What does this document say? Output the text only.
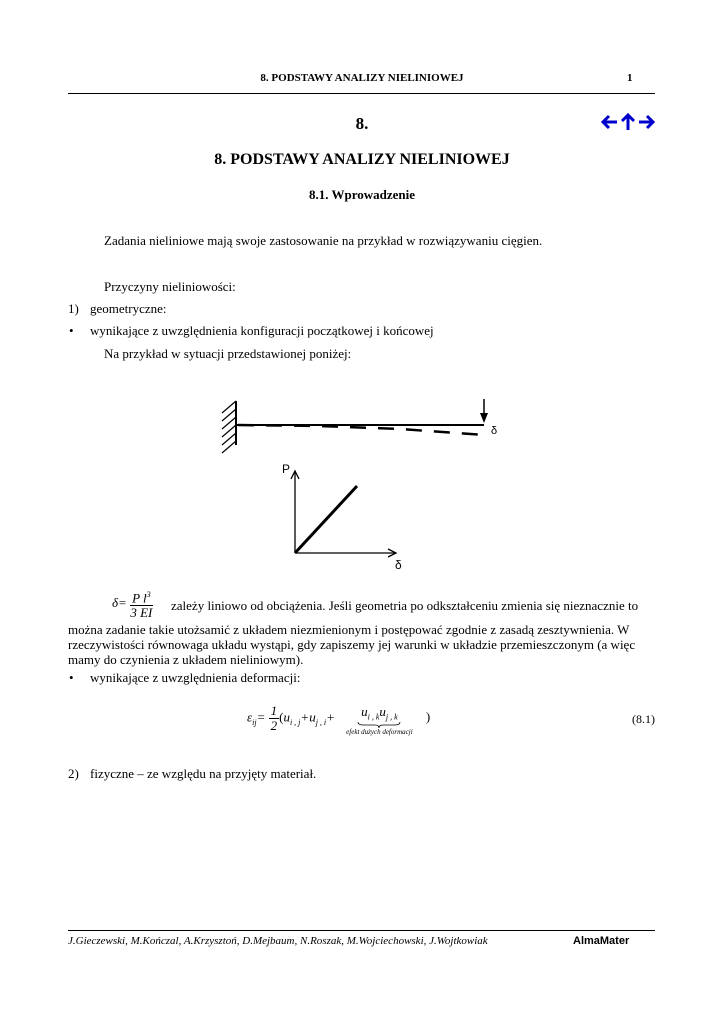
8. PODSTAWY ANALIZY NIELINIOWEJ	1
8.
8. PODSTAWY ANALIZY NIELINIOWEJ
8.1. Wprowadzenie
Zadania nieliniowe mają swoje zastosowanie na przykład w rozwiązywaniu cięgien.
Przyczyny nieliniowości:
1) geometryczne:
• wynikające z uwzględnienia konfiguracji początkowej i końcowej
Na przykład w sytuacji przedstawionej poniżej:
δ
P
δ
$\delta= \frac{P l^3}{3 EI}$ zależy liniowo od obciążenia. Jeśli geometria po odkształceniu zmienia się nieznacznie to
można zadanie takie utożsamić z układem niezmienionym i postępować zgodnie z zasadą zesztywnienia. W rzeczywistości równowaga układu wystąpi, gdy zapiszemy jej warunki w układzie przemieszczonym (a więc mamy do czynienia z układem nieliniowym).
• wynikające z uwzględnienia deformacji:
$\varepsilon_{ij}= \frac{1}{2} (u_{i , j}+u_{j , i}+$	$u_{i , k}u_{j , k}$
efekt dużych deformacji
)	(8.1)
2) fizyczne – ze względu na przyjęty materiał.
J.Gieczewski, M.Kończal, A.Krzysztoń, D.Mejbaum, N.Roszak, M.Wojciechowski, J.Wojtkowiak	AlmaMater
